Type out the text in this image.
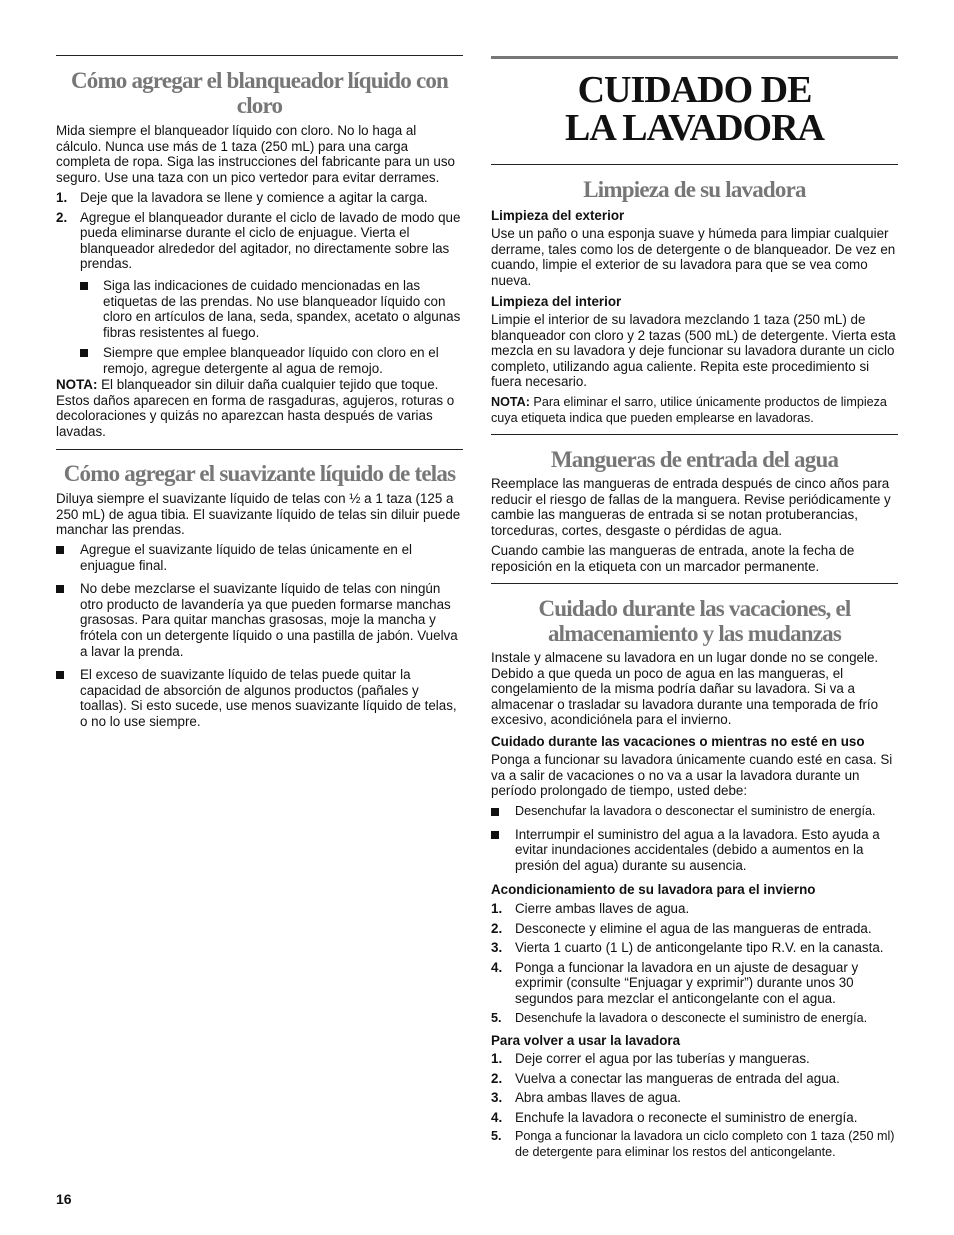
Cómo agregar el blanqueador líquido con cloro

Mida siempre el blanqueador líquido con cloro. No lo haga al cálculo. Nunca use más de 1 taza (250 mL) para una carga completa de ropa. Siga las instrucciones del fabricante para un uso seguro. Use una taza con un pico vertedor para evitar derrames.

1. Deje que la lavadora se llene y comience a agitar la carga.
2. Agregue el blanqueador durante el ciclo de lavado de modo que pueda eliminarse durante el ciclo de enjuague. Vierta el blanqueador alrededor del agitador, no directamente sobre las prendas.
Siga las indicaciones de cuidado mencionadas en las etiquetas de las prendas. No use blanqueador líquido con cloro en artículos de lana, seda, spandex, acetato o algunas fibras resistentes al fuego.
Siempre que emplee blanqueador líquido con cloro en el remojo, agregue detergente al agua de remojo.

NOTA: El blanqueador sin diluir daña cualquier tejido que toque. Estos daños aparecen en forma de rasgaduras, agujeros, roturas o decoloraciones y quizás no aparezcan hasta después de varias lavadas.

Cómo agregar el suavizante líquido de telas

Diluya siempre el suavizante líquido de telas con ½ a 1 taza (125 a 250 mL) de agua tibia. El suavizante líquido de telas sin diluir puede manchar las prendas.

Agregue el suavizante líquido de telas únicamente en el enjuague final.
No debe mezclarse el suavizante líquido de telas con ningún otro producto de lavandería ya que pueden formarse manchas grasosas. Para quitar manchas grasosas, moje la mancha y frótela con un detergente líquido o una pastilla de jabón. Vuelva a lavar la prenda.
El exceso de suavizante líquido de telas puede quitar la capacidad de absorción de algunos productos (pañales y toallas). Si esto sucede, use menos suavizante líquido de telas, o no lo use siempre.
CUIDADO DE LA LAVADORA
Limpieza de su lavadora
Limpieza del exterior

Use un paño o una esponja suave y húmeda para limpiar cualquier derrame, tales como los de detergente o de blanqueador. De vez en cuando, limpie el exterior de su lavadora para que se vea como nueva.

Limpieza del interior

Limpie el interior de su lavadora mezclando 1 taza (250 mL) de blanqueador con cloro y 2 tazas (500 mL) de detergente. Vierta esta mezcla en su lavadora y deje funcionar su lavadora durante un ciclo completo, utilizando agua caliente. Repita este procedimiento si fuera necesario.

NOTA: Para eliminar el sarro, utilice únicamente productos de limpieza cuya etiqueta indica que pueden emplearse en lavadoras.

Mangueras de entrada del agua

Reemplace las mangueras de entrada después de cinco años para reducir el riesgo de fallas de la manguera. Revise periódicamente y cambie las mangueras de entrada si se notan protuberancias, torceduras, cortes, desgaste o pérdidas de agua.

Cuando cambie las mangueras de entrada, anote la fecha de reposición en la etiqueta con un marcador permanente.

Cuidado durante las vacaciones, el almacenamiento y las mudanzas

Instale y almacene su lavadora en un lugar donde no se congele. Debido a que queda un poco de agua en las mangueras, el congelamiento de la misma podría dañar su lavadora. Si va a almacenar o trasladar su lavadora durante una temporada de frío excesivo, acondiciónela para el invierno.

Cuidado durante las vacaciones o mientras no esté en uso

Ponga a funcionar su lavadora únicamente cuando esté en casa. Si va a salir de vacaciones o no va a usar la lavadora durante un período prolongado de tiempo, usted debe:

Desenchufar la lavadora o desconectar el suministro de energía.
Interrumpir el suministro del agua a la lavadora. Esto ayuda a evitar inundaciones accidentales (debido a aumentos en la presión del agua) durante su ausencia.
Acondicionamiento de su lavadora para el invierno
1. Cierre ambas llaves de agua.
2. Desconecte y elimine el agua de las mangueras de entrada.
3. Vierta 1 cuarto (1 L) de anticongelante tipo R.V. en la canasta.
4. Ponga a funcionar la lavadora en un ajuste de desaguar y exprimir (consulte “Enjuagar y exprimir”) durante unos 30 segundos para mezclar el anticongelante con el agua.
5. Desenchufe la lavadora o desconecte el suministro de energía.
Para volver a usar la lavadora
1. Deje correr el agua por las tuberías y mangueras.
2. Vuelva a conectar las mangueras de entrada del agua.
3. Abra ambas llaves de agua.
4. Enchufe la lavadora o reconecte el suministro de energía.
5. Ponga a funcionar la lavadora un ciclo completo con 1 taza (250 ml) de detergente para eliminar los restos del anticongelante.
16
